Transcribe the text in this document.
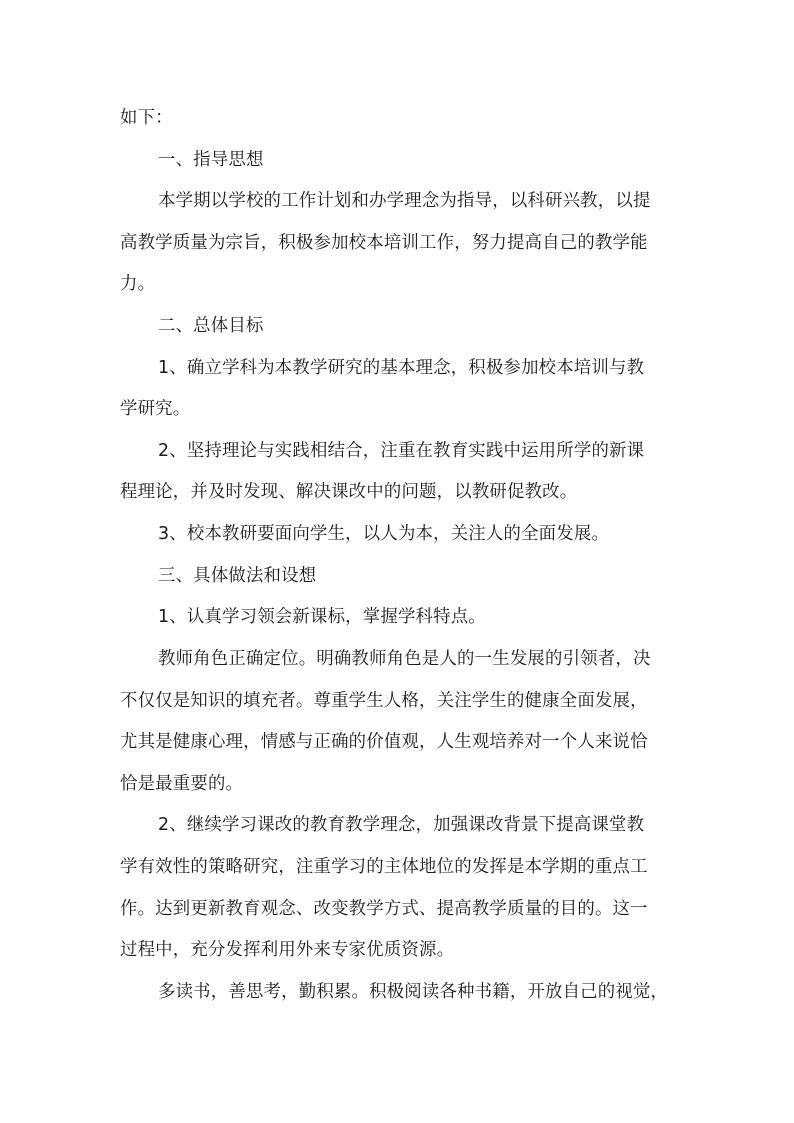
如下：
一、指导思想
本学期以学校的工作计划和办学理念为指导，以科研兴教，以提
高教学质量为宗旨，积极参加校本培训工作，努力提高自己的教学能
力。
二、总体目标
1、确立学科为本教学研究的基本理念，积极参加校本培训与教
学研究。
2、坚持理论与实践相结合，注重在教育实践中运用所学的新课
程理论，并及时发现、解决课改中的问题，以教研促教改。
3、校本教研要面向学生，以人为本，关注人的全面发展。
三、具体做法和设想
1、认真学习领会新课标，掌握学科特点。
教师角色正确定位。明确教师角色是人的一生发展的引领者，决
不仅仅是知识的填充者。尊重学生人格，关注学生的健康全面发展，
尤其是健康心理，情感与正确的价值观，人生观培养对一个人来说恰
恰是最重要的。
2、继续学习课改的教育教学理念，加强课改背景下提高课堂教
学有效性的策略研究，注重学习的主体地位的发挥是本学期的重点工
作。达到更新教育观念、改变教学方式、提高教学质量的目的。这一
过程中，充分发挥利用外来专家优质资源。
多读书，善思考，勤积累。积极阅读各种书籍，开放自己的视觉，
